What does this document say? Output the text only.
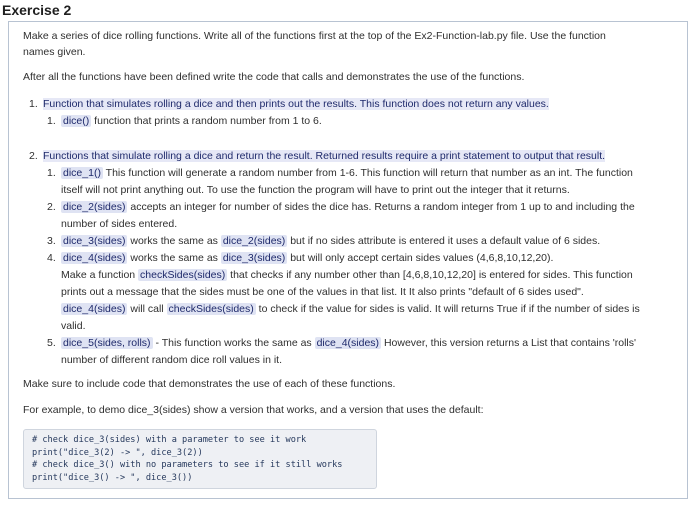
Exercise 2
Make a series of dice rolling functions. Write all of the functions first at the top of the Ex2-Function-lab.py file. Use the function
names given.
After all the functions have been defined write the code that calls and demonstrates the use of the functions.
1. Function that simulates rolling a dice and then prints out the results. This function does not return any values.
1. dice() function that prints a random number from 1 to 6.
2. Functions that simulate rolling a dice and return the result. Returned results require a print statement to output that result.
1. dice_1() This function will generate a random number from 1-6. This function will return that number as an int. The function
itself will not print anything out. To use the function the program will have to print out the integer that it returns.
2. dice_2(sides) accepts an integer for number of sides the dice has. Returns a random integer from 1 up to and including the
number of sides entered.
3. dice_3(sides) works the same as dice_2(sides) but if no sides attribute is entered it uses a default value of 6 sides.
4. dice_4(sides) works the same as dice_3(sides) but will only accept certain sides values (4,6,8,10,12,20).
Make a function checkSides(sides) that checks if any number other than [4,6,8,10,12,20] is entered for sides. This function
prints out a message that the sides must be one of the values in that list. It It also prints "default of 6 sides used".
dice_4(sides) will call checkSides(sides) to check if the value for sides is valid. It will returns True if if the number of sides is
valid.
5. dice_5(sides, rolls) - This function works the same as dice_4(sides) However, this version returns a List that contains 'rolls'
number of different random dice roll values in it.
Make sure to include code that demonstrates the use of each of these functions.
For example, to demo dice_3(sides) show a version that works, and a version that uses the default:
# check dice_3(sides) with a parameter to see it work
print("dice_3(2) -> ", dice_3(2))
# check dice_3() with no parameters to see if it still works
print("dice_3() -> ", dice_3())
